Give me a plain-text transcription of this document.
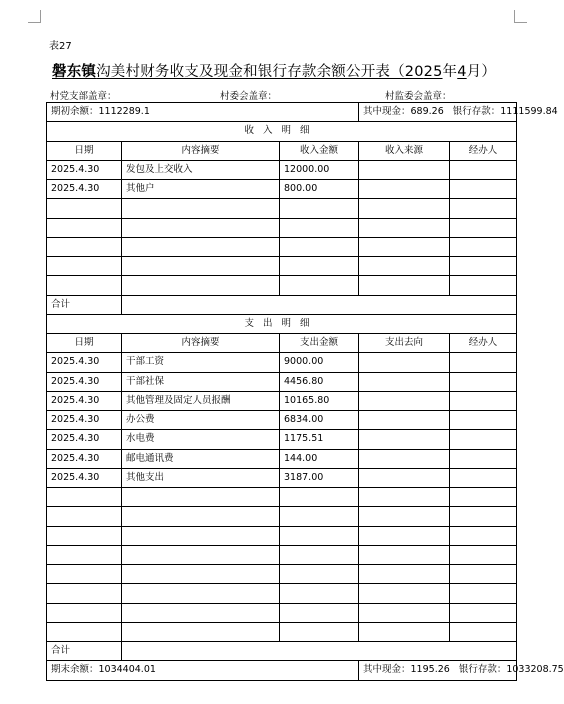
表27
磐东镇沟美村财务收支及现金和银行存款余额公开表（2025年4月）
村党支部盖章：	村委会盖章：	村监委会盖章：
期初余额：1112289.1			其中现金：689.26 银行存款：1111599.84	
收入明细				
日期	内容摘要	收入金额	收入来源	经办人
2025.4.30	发包及上交收入	12000.00		
2025.4.30	其他户	800.00		

合计				
支出明细				
日期	内容摘要	支出金额	支出去向	经办人
2025.4.30	干部工资	9000.00		
2025.4.30	干部社保	4456.80		
2025.4.30	其他管理及固定人员报酬	10165.80		
2025.4.30	办公费	6834.00		
2025.4.30	水电费	1175.51		
2025.4.30	邮电通讯费	144.00		
2025.4.30	其他支出	3187.00		

合计				
期末余额：1034404.01			其中现金：1195.26 银行存款：1033208.75	
